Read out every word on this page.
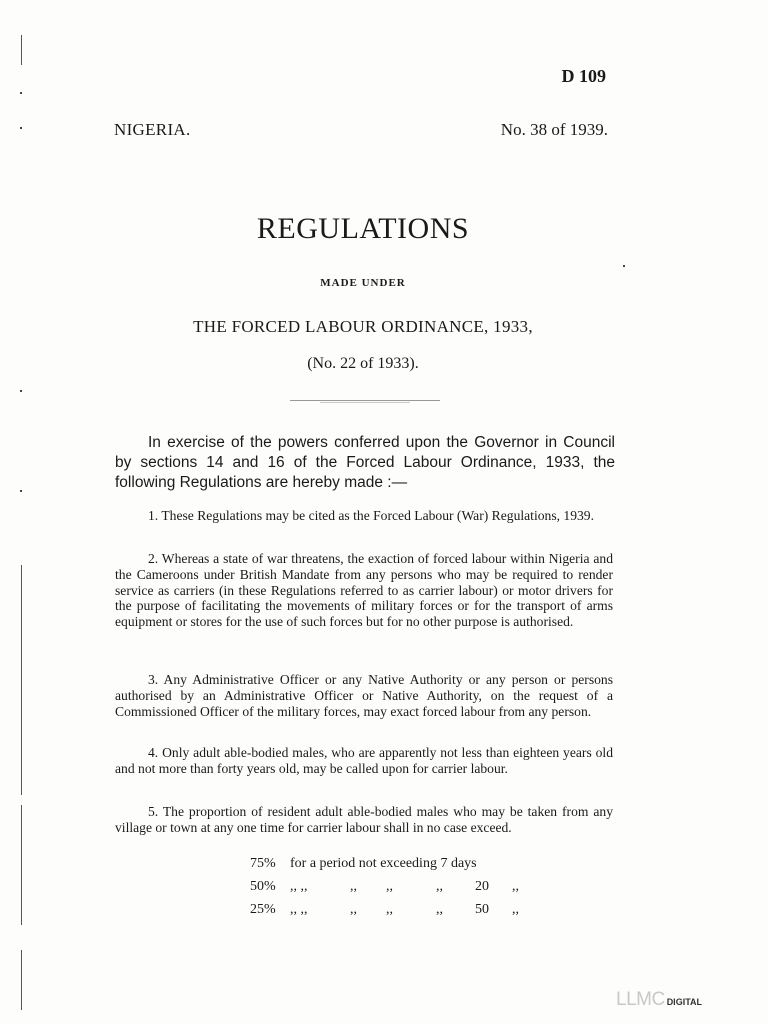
D 109
NIGERIA.	No. 38 of 1939.
REGULATIONS
MADE UNDER
THE FORCED LABOUR ORDINANCE, 1933,
(No. 22 of 1933).
In exercise of the powers conferred upon the Governor in Council by sections 14 and 16 of the Forced Labour Ordinance, 1933, the following Regulations are hereby made :—
1. These Regulations may be cited as the Forced Labour (War) Regulations, 1939.
2. Whereas a state of war threatens, the exaction of forced labour within Nigeria and the Cameroons under British Mandate from any persons who may be required to render service as carriers (in these Regulations referred to as carrier labour) or motor drivers for the purpose of facilitating the movements of military forces or for the transport of arms equipment or stores for the use of such forces but for no other purpose is authorised.
3. Any Administrative Officer or any Native Authority or any person or persons authorised by an Administrative Officer or Native Authority, on the request of a Commissioned Officer of the military forces, may exact forced labour from any person.
4. Only adult able-bodied males, who are apparently not less than eighteen years old and not more than forty years old, may be called upon for carrier labour.
5. The proportion of resident adult able-bodied males who may be taken from any village or town at any one time for carrier labour shall in no case exceed.
75% for a period not exceeding 7 days
50% ,, ,,	,, ,,	,, 20 ,,
25% ,, ,,	,, ,,	,, 50 ,,
LLMC DIGITAL
